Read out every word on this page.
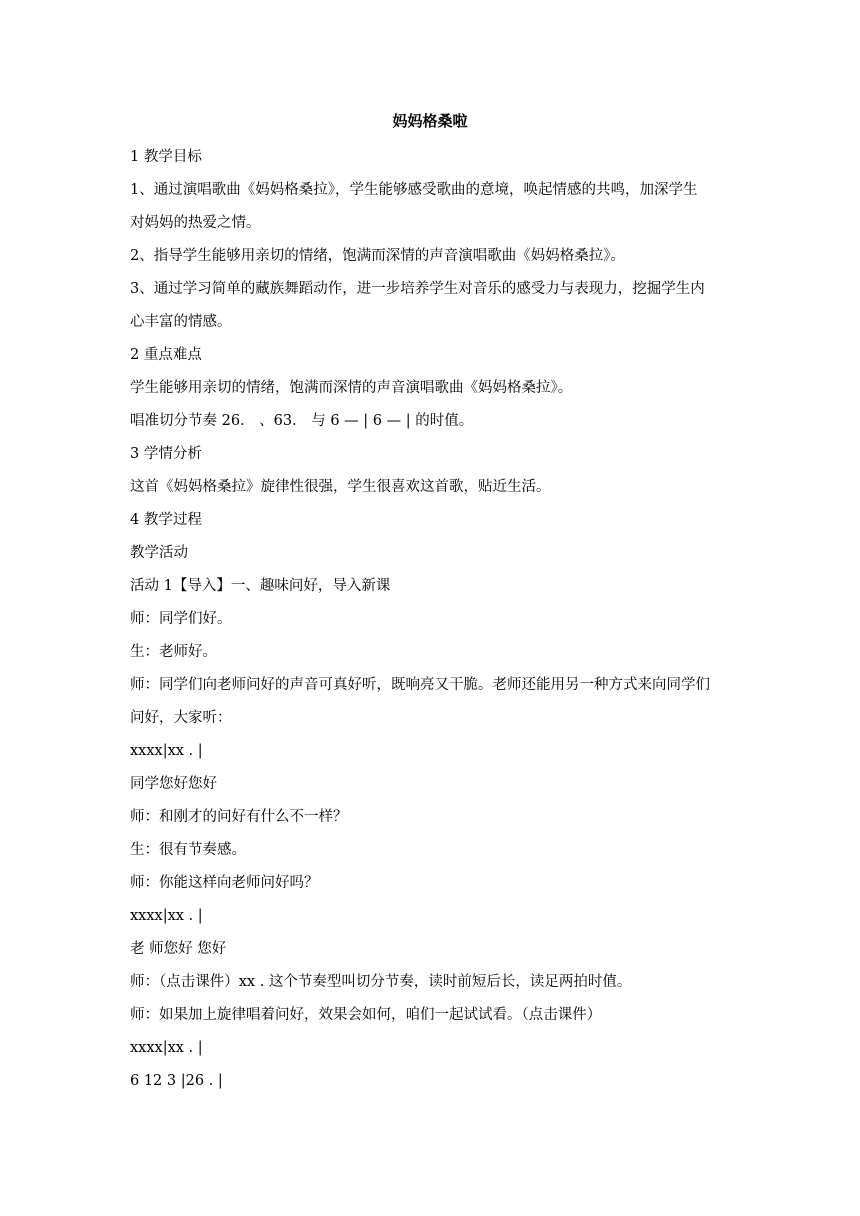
妈妈格桑啦

1 教学目标

1、通过演唱歌曲《妈妈格桑拉》，学生能够感受歌曲的意境，唤起情感的共鸣，加深学生

对妈妈的热爱之情。

2、指导学生能够用亲切的情绪，饱满而深情的声音演唱歌曲《妈妈格桑拉》。

3、通过学习简单的藏族舞蹈动作，进一步培养学生对音乐的感受力与表现力，挖掘学生内

心丰富的情感。

2 重点难点

学生能够用亲切的情绪，饱满而深情的声音演唱歌曲《妈妈格桑拉》。

唱准切分节奏 26． 、63． 与 6 — | 6 — | 的时值。

3 学情分析

这首《妈妈格桑拉》旋律性很强，学生很喜欢这首歌，贴近生活。

4 教学过程

教学活动

活动 1【导入】一、趣味问好，导入新课

师：同学们好。

生：老师好。

师：同学们向老师问好的声音可真好听，既响亮又干脆。老师还能用另一种方式来向同学们

问好，大家听：

xxxx|xx . |

同学您好您好

师：和刚才的问好有什么不一样？

生：很有节奏感。

师：你能这样向老师问好吗？

xxxx|xx . |

老 师您好 您好

师：（点击课件）xx . 这个节奏型叫切分节奏，读时前短后长，读足两拍时值。

师：如果加上旋律唱着问好，效果会如何，咱们一起试试看。（点击课件）

xxxx|xx . |

6 12 3 |26 . |
